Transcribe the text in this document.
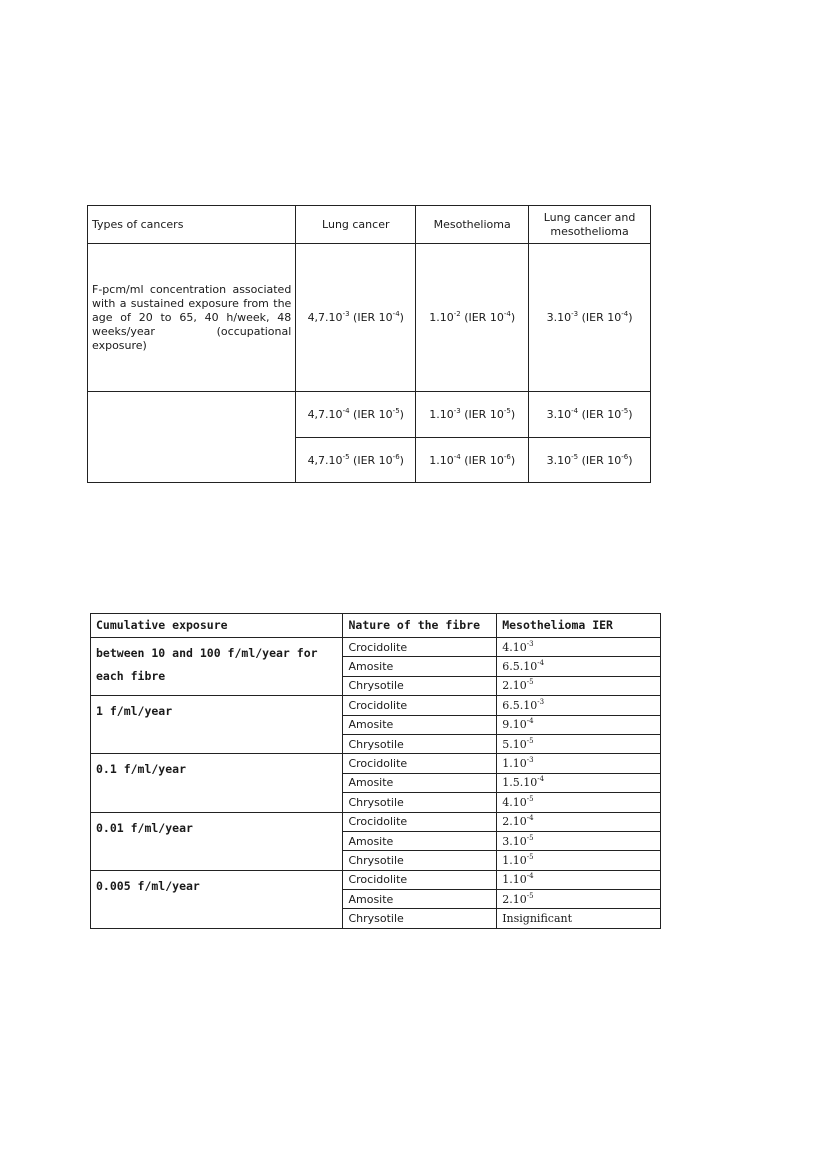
Types of cancers	Lung cancer	Mesothelioma	Lung cancer and mesothelioma
F-pcm/ml concentration associated with a sustained exposure from the age of 20 to 65, 40 h/week, 48 weeks/year (occupational exposure)	$4,7.10^{-3}$ (IER $10^{-4}$)	$1.10^{-2}$ (IER $10^{-4}$)	$3.10^{-3}$ (IER $10^{-4}$)
	$4,7.10^{-4}$ (IER $10^{-5}$)	$1.10^{-3}$ (IER $10^{-5}$)	$3.10^{-4}$ (IER $10^{-5}$)
	$4,7.10^{-5}$ (IER $10^{-6}$)	$1.10^{-4}$ (IER $10^{-6}$)	$3.10^{-5}$ (IER $10^{-6}$)
Cumulative exposure	Nature of the fibre	Mesothelioma IER
between 10 and 100 f/ml/year for each fibre	Crocidolite	$4.10^{-3}$
	Amosite	$6.5.10^{-4}$
	Chrysotile	$2.10^{-5}$
1 f/ml/year	Crocidolite	$6.5.10^{-3}$
	Amosite	$9.10^{-4}$
	Chrysotile	$5.10^{-5}$
0.1 f/ml/year	Crocidolite	$1.10^{-3}$
	Amosite	$1.5.10^{-4}$
	Chrysotile	$4.10^{-5}$
0.01 f/ml/year	Crocidolite	$2.10^{-4}$
	Amosite	$3.10^{-5}$
	Chrysotile	$1.10^{-5}$
0.005 f/ml/year	Crocidolite	$1.10^{-4}$
	Amosite	$2.10^{-5}$
	Chrysotile	Insignificant
